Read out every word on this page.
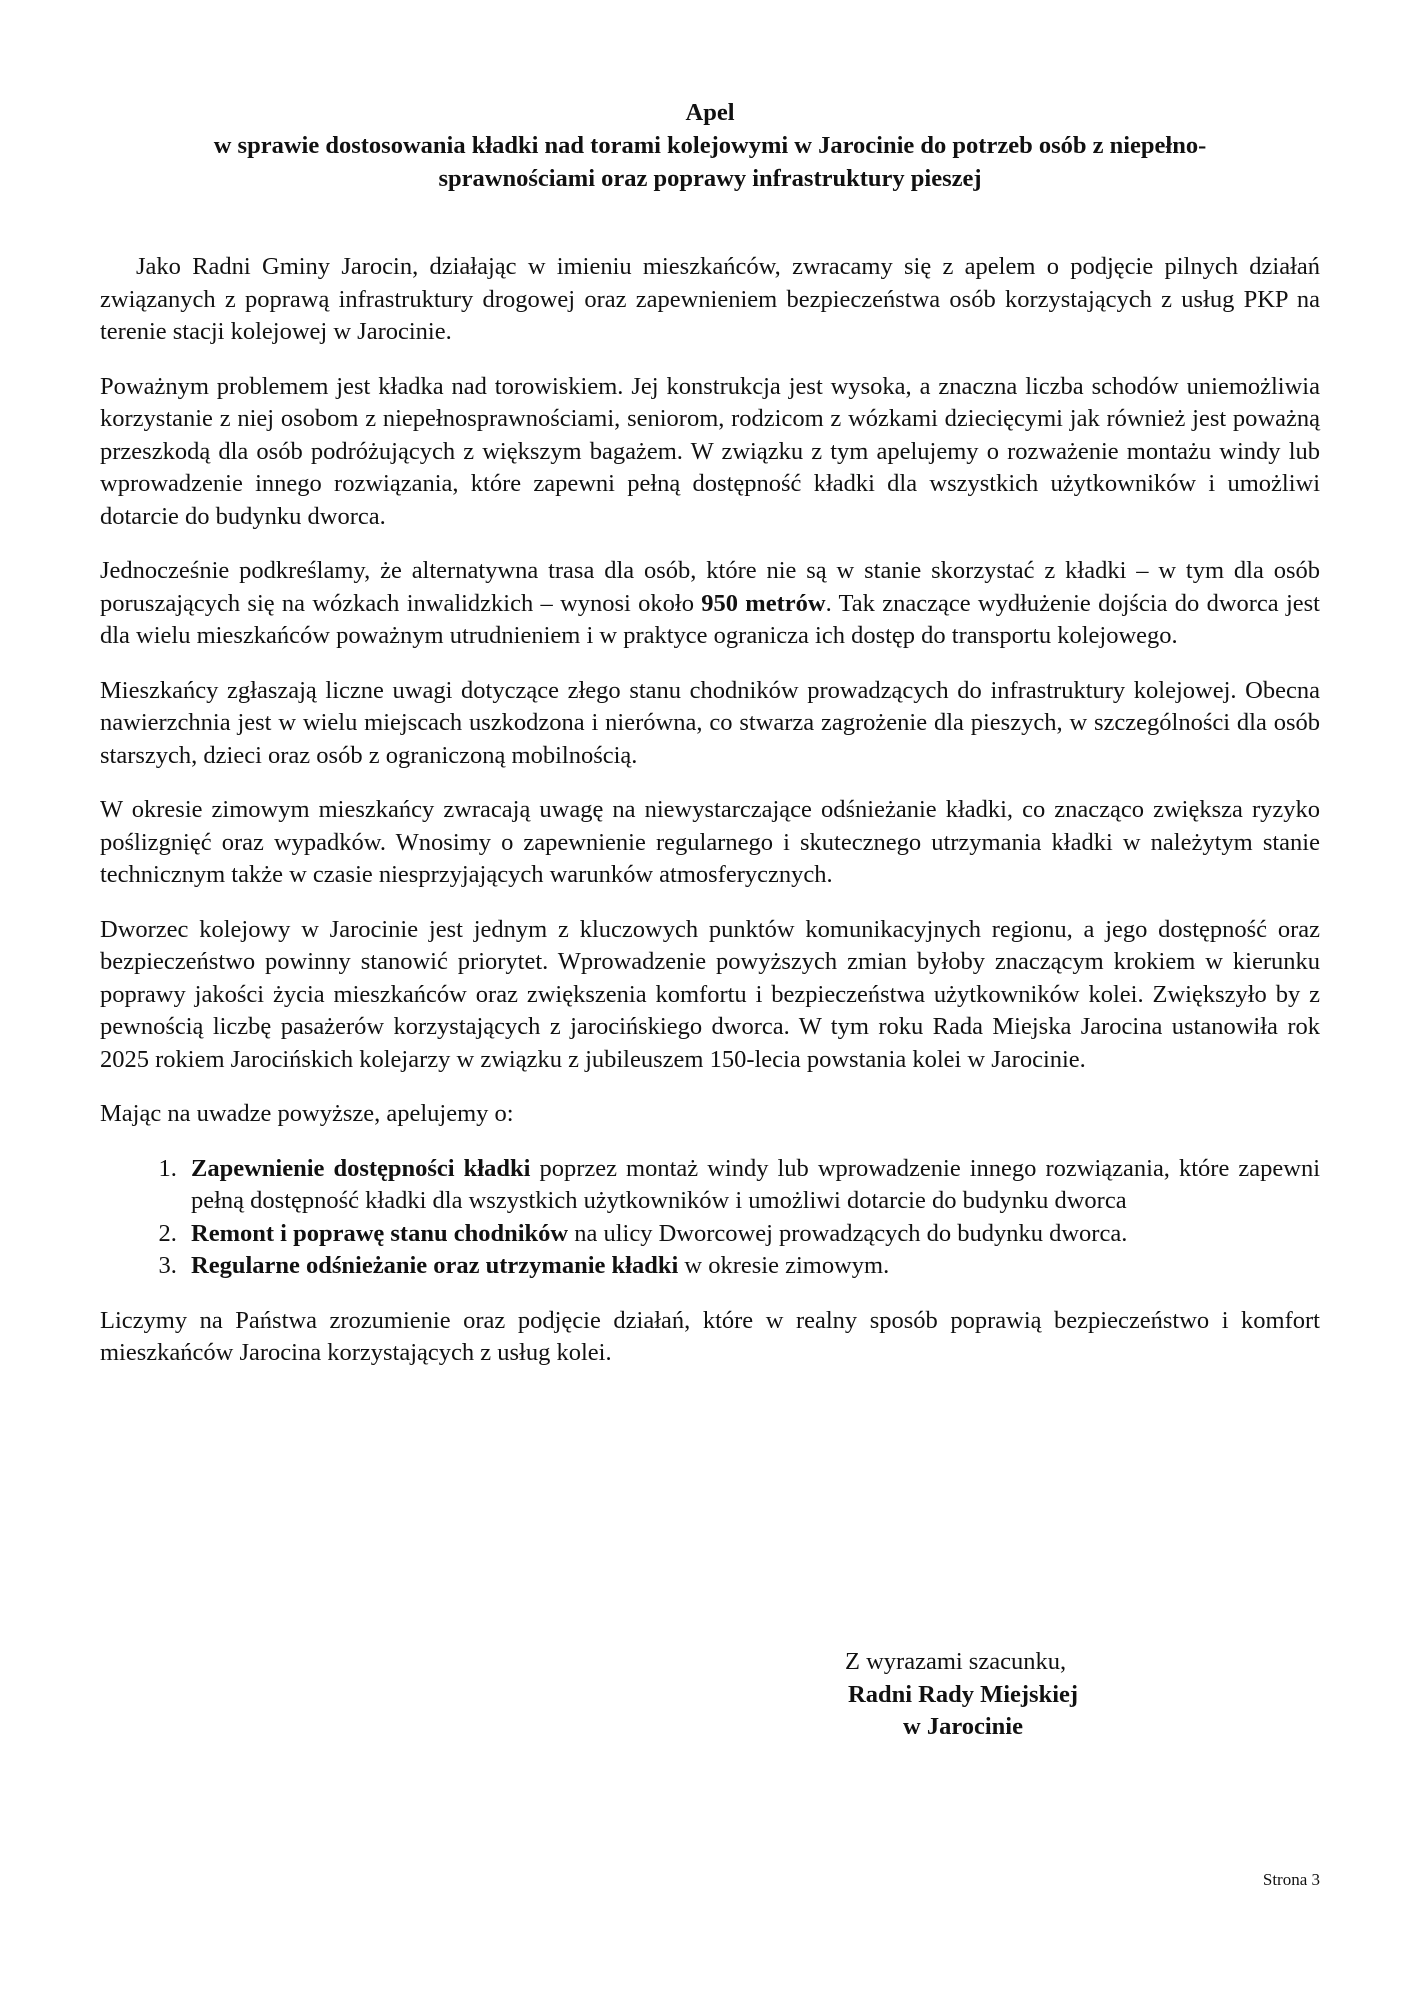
Apel
w sprawie dostosowania kładki nad torami kolejowymi w Jarocinie do potrzeb osób z niepełno-
sprawnościami oraz poprawy infrastruktury pieszej

Jako Radni Gminy Jarocin, działając w imieniu mieszkańców, zwracamy się z apelem o podjęcie pilnych działań związanych z poprawą infrastruktury drogowej oraz zapewnieniem bezpieczeństwa osób korzystających z usług PKP na terenie stacji kolejowej w Jarocinie.

Poważnym problemem jest kładka nad torowiskiem. Jej konstrukcja jest wysoka, a znaczna liczba schodów uniemożliwia korzystanie z niej osobom z niepełnosprawnościami, seniorom, rodzicom z wózkami dziecięcymi jak również jest poważną przeszkodą dla osób podróżujących z większym bagażem. W związku z tym apelujemy o rozważenie montażu windy lub wprowadzenie innego rozwiązania, które zapewni pełną dostępność kładki dla wszystkich użytkowników i umożliwi dotarcie do budynku dworca.

Jednocześnie podkreślamy, że alternatywna trasa dla osób, które nie są w stanie skorzystać z kładki – w tym dla osób poruszających się na wózkach inwalidzkich – wynosi około 950 metrów. Tak znaczące wydłużenie dojścia do dworca jest dla wielu mieszkańców poważnym utrudnieniem i w praktyce ogranicza ich dostęp do transportu kolejowego.

Mieszkańcy zgłaszają liczne uwagi dotyczące złego stanu chodników prowadzących do infrastruktury kolejowej. Obecna nawierzchnia jest w wielu miejscach uszkodzona i nierówna, co stwarza zagrożenie dla pieszych, w szczególności dla osób starszych, dzieci oraz osób z ograniczoną mobilnością.

W okresie zimowym mieszkańcy zwracają uwagę na niewystarczające odśnieżanie kładki, co znacząco zwiększa ryzyko poślizgnięć oraz wypadków. Wnosimy o zapewnienie regularnego i skutecznego utrzymania kładki w należytym stanie technicznym także w czasie niesprzyjających warunków atmosferycznych.

Dworzec kolejowy w Jarocinie jest jednym z kluczowych punktów komunikacyjnych regionu, a jego dostępność oraz bezpieczeństwo powinny stanowić priorytet. Wprowadzenie powyższych zmian byłoby znaczącym krokiem w kierunku poprawy jakości życia mieszkańców oraz zwiększenia komfortu i bezpieczeństwa użytkowników kolei. Zwiększyło by z pewnością liczbę pasażerów korzystających z jarocińskiego dworca. W tym roku Rada Miejska Jarocina ustanowiła rok 2025 rokiem Jarocińskich kolejarzy w związku z jubileuszem 150-lecia powstania kolei w Jarocinie.

Mając na uwadze powyższe, apelujemy o:

1. Zapewnienie dostępności kładki poprzez montaż windy lub wprowadzenie innego rozwiązania, które zapewni pełną dostępność kładki dla wszystkich użytkowników i umożliwi dotarcie do budynku dworca
2. Remont i poprawę stanu chodników na ulicy Dworcowej prowadzących do budynku dworca.
3. Regularne odśnieżanie oraz utrzymanie kładki w okresie zimowym.

Liczymy na Państwa zrozumienie oraz podjęcie działań, które w realny sposób poprawią bezpieczeństwo i komfort mieszkańców Jarocina korzystających z usług kolei.

Z wyrazami szacunku,
Radni Rady Miejskiej
w Jarocinie
Strona 3
